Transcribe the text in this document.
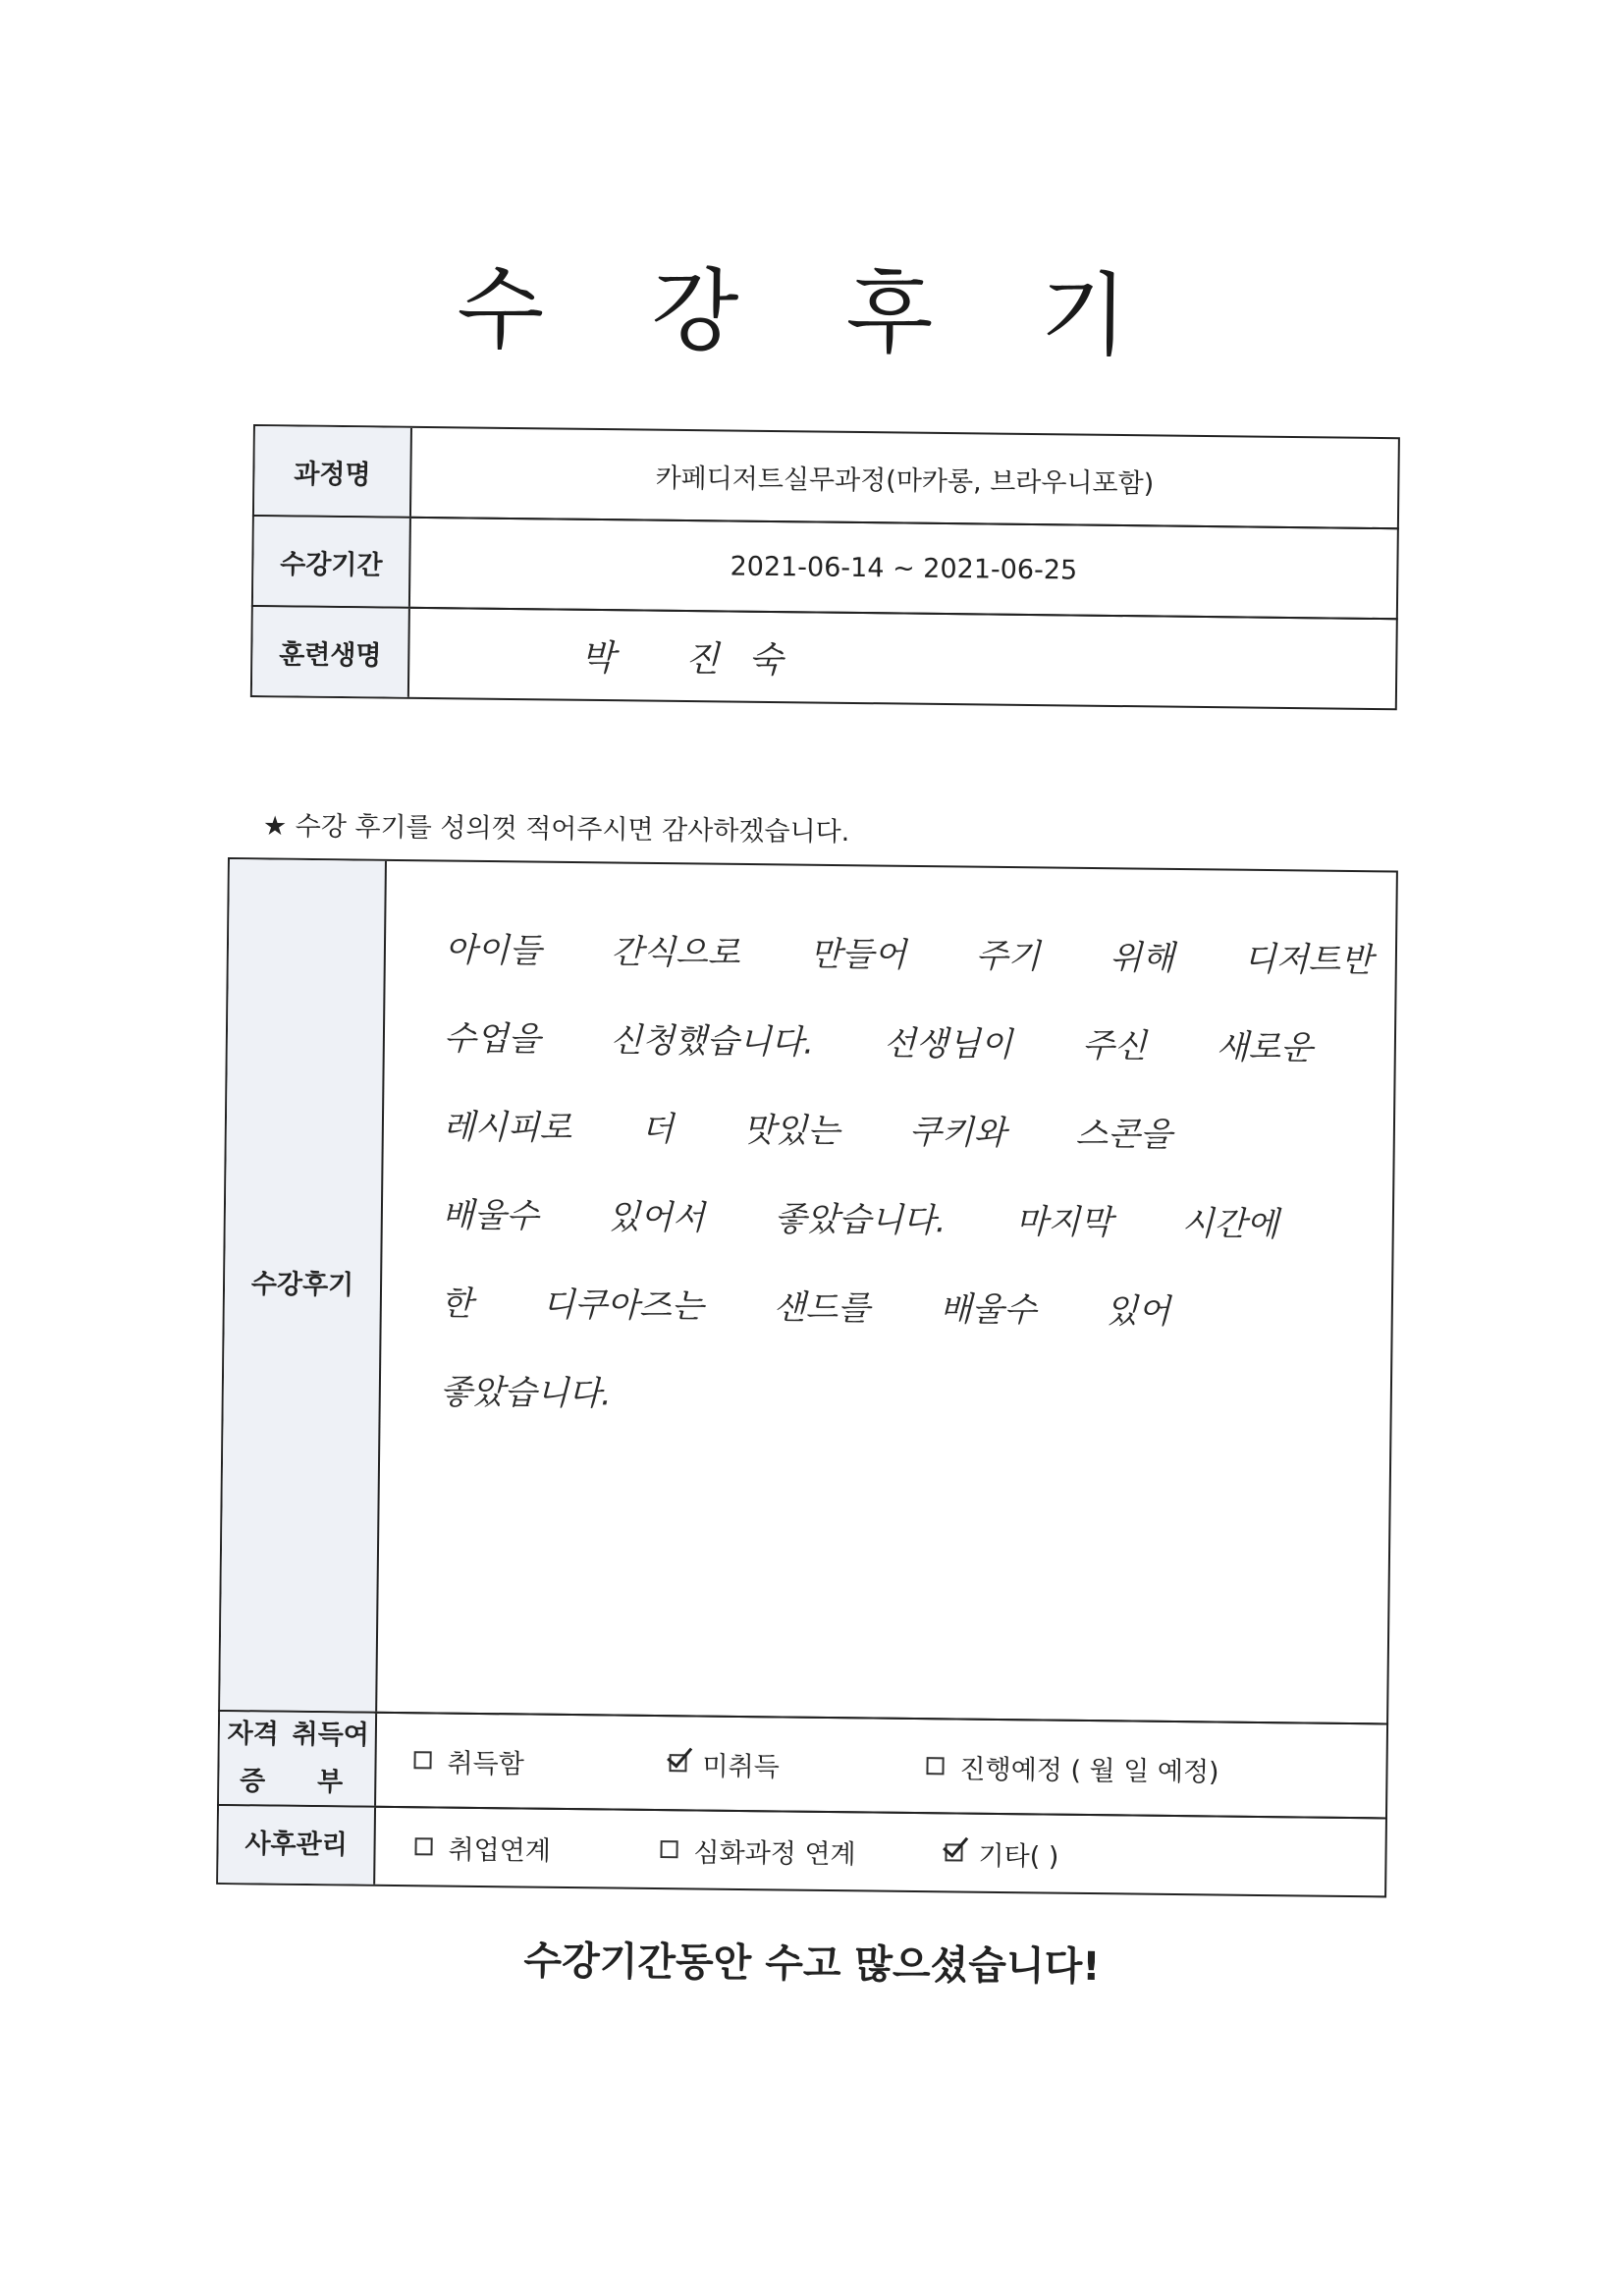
수 강 후 기
과정명	카페디저트실무과정(마카롱, 브라우니포함)
수강기간	2021-06-14 ~ 2021-06-25
훈련생명	박 진숙
★ 수강 후기를 성의껏 적어주시면 감사하겠습니다.
수강후기
아이들 간식으로 만들어 주기 위해 디저트반
수업을 신청했습니다. 선생님이 주신 새로운
레시피로 더 맛있는 쿠키와 스콘을
배울수 있어서 좋았습니다. 마지막 시간에
한 디쿠아즈는 샌드를 배울수 있어
좋았습니다.
자격증

취득여부
취득함	미취득	진행예정 ( 월 일 예정)
사후관리	취업연계	심화과정 연계	기타( )
수강기간동안 수고 많으셨습니다!
